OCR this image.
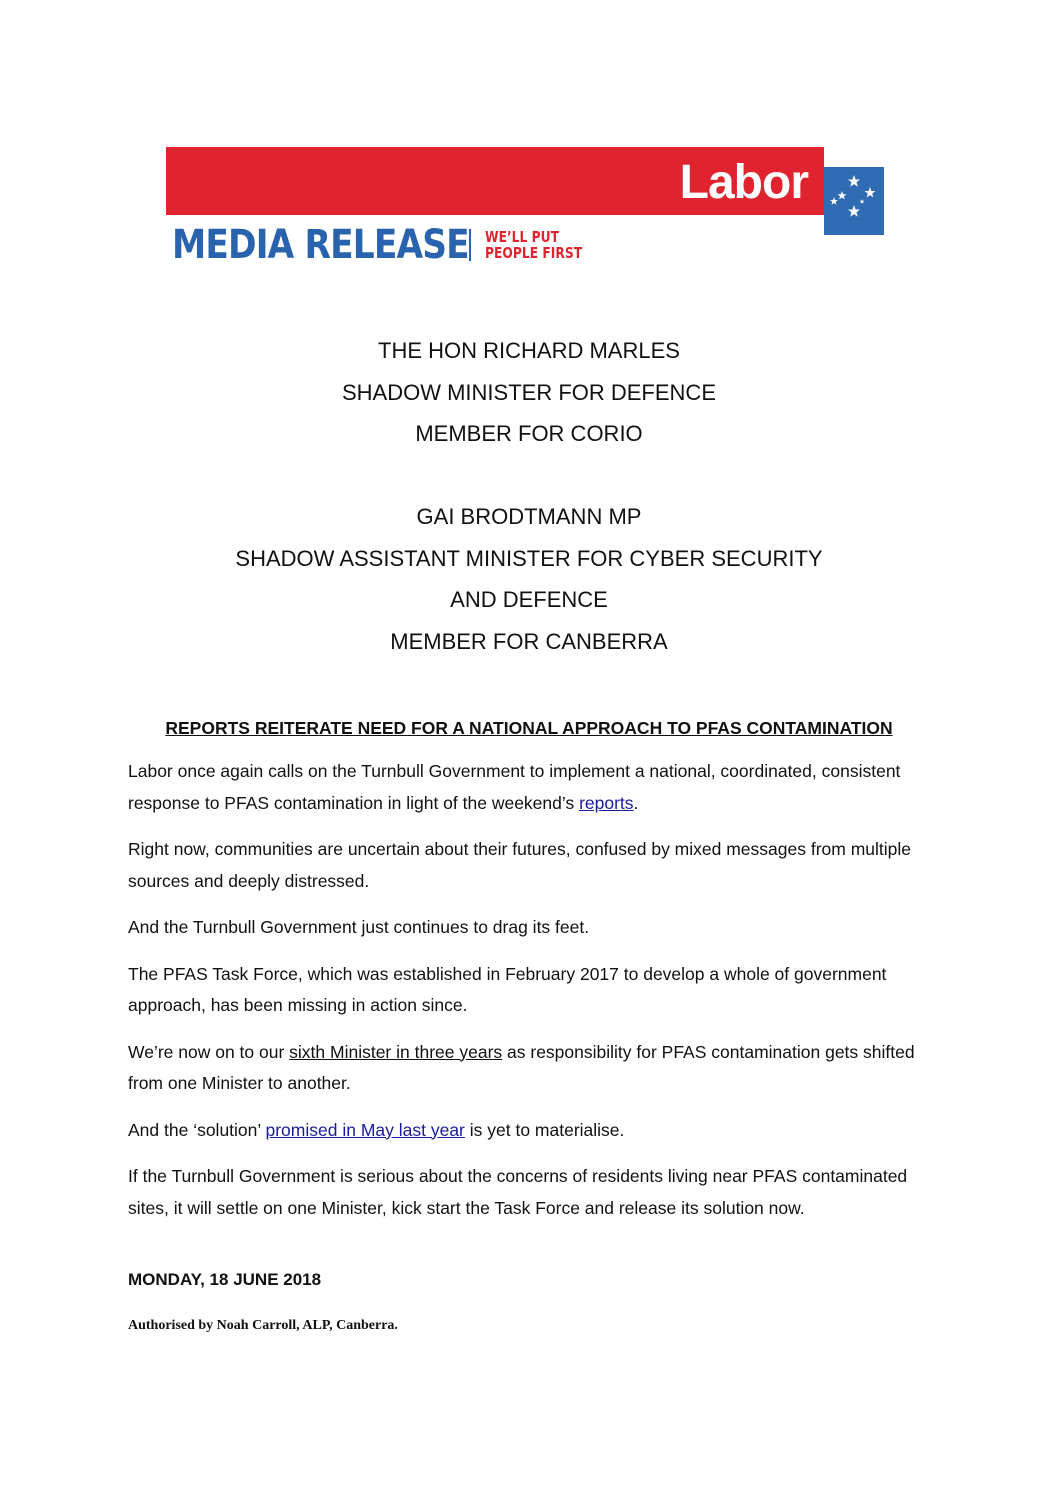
Labor
MEDIA RELEASE WE’LL PUT
PEOPLE FIRST
THE HON RICHARD MARLES
SHADOW MINISTER FOR DEFENCE
MEMBER FOR CORIO
GAI BRODTMANN MP
SHADOW ASSISTANT MINISTER FOR CYBER SECURITY
AND DEFENCE
MEMBER FOR CANBERRA
REPORTS REITERATE NEED FOR A NATIONAL APPROACH TO PFAS CONTAMINATION

Labor once again calls on the Turnbull Government to implement a national, coordinated, consistent response to PFAS contamination in light of the weekend’s reports.

Right now, communities are uncertain about their futures, confused by mixed messages from multiple sources and deeply distressed.

And the Turnbull Government just continues to drag its feet.

The PFAS Task Force, which was established in February 2017 to develop a whole of government approach, has been missing in action since.

We’re now on to our sixth Minister in three years as responsibility for PFAS contamination gets shifted from one Minister to another.

And the ‘solution’ promised in May last year is yet to materialise.

If the Turnbull Government is serious about the concerns of residents living near PFAS contaminated sites, it will settle on one Minister, kick start the Task Force and release its solution now.

MONDAY, 18 JUNE 2018
Authorised by Noah Carroll, ALP, Canberra.
